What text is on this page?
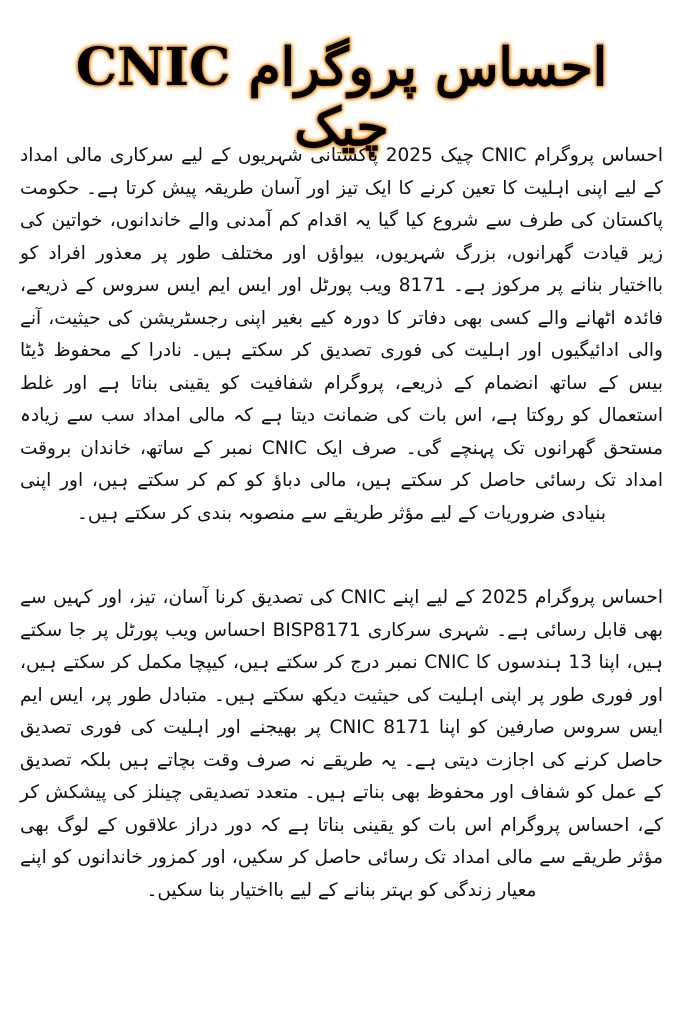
احساس پروگرام CNIC چیک

احساس پروگرام CNIC چیک 2025 پاکستانی شہریوں کے لیے سرکاری مالی امداد کے لیے اپنی اہلیت کا تعین کرنے کا ایک تیز اور آسان طریقہ پیش کرتا ہے۔ حکومت پاکستان کی طرف سے شروع کیا گیا یہ اقدام کم آمدنی والے خاندانوں، خواتین کی زیر قیادت گھرانوں، بزرگ شہریوں، بیواؤں اور مختلف طور پر معذور افراد کو بااختیار بنانے پر مرکوز ہے۔ 8171 ویب پورٹل اور ایس ایم ایس سروس کے ذریعے، فائدہ اٹھانے والے کسی بھی دفاتر کا دورہ کیے بغیر اپنی رجسٹریشن کی حیثیت، آنے والی ادائیگیوں اور اہلیت کی فوری تصدیق کر سکتے ہیں۔ نادرا کے محفوظ ڈیٹا بیس کے ساتھ انضمام کے ذریعے، پروگرام شفافیت کو یقینی بناتا ہے اور غلط استعمال کو روکتا ہے، اس بات کی ضمانت دیتا ہے کہ مالی امداد سب سے زیادہ مستحق گھرانوں تک پہنچے گی۔ صرف ایک CNIC نمبر کے ساتھ، خاندان بروقت امداد تک رسائی حاصل کر سکتے ہیں، مالی دباؤ کو کم کر سکتے ہیں، اور اپنی بنیادی ضروریات کے لیے مؤثر طریقے سے منصوبہ بندی کر سکتے ہیں۔

احساس پروگرام 2025 کے لیے اپنے CNIC کی تصدیق کرنا آسان، تیز، اور کہیں سے بھی قابل رسائی ہے۔ شہری سرکاری BISP8171 احساس ویب پورٹل پر جا سکتے ہیں، اپنا 13 ہندسوں کا CNIC نمبر درج کر سکتے ہیں، کیپچا مکمل کر سکتے ہیں، اور فوری طور پر اپنی اہلیت کی حیثیت دیکھ سکتے ہیں۔ متبادل طور پر، ایس ایم ایس سروس صارفین کو اپنا CNIC 8171 پر بھیجنے اور اہلیت کی فوری تصدیق حاصل کرنے کی اجازت دیتی ہے۔ یہ طریقے نہ صرف وقت بچاتے ہیں بلکہ تصدیق کے عمل کو شفاف اور محفوظ بھی بناتے ہیں۔ متعدد تصدیقی چینلز کی پیشکش کر کے، احساس پروگرام اس بات کو یقینی بناتا ہے کہ دور دراز علاقوں کے لوگ بھی مؤثر طریقے سے مالی امداد تک رسائی حاصل کر سکیں، اور کمزور خاندانوں کو اپنے معیار زندگی کو بہتر بنانے کے لیے بااختیار بنا سکیں۔
